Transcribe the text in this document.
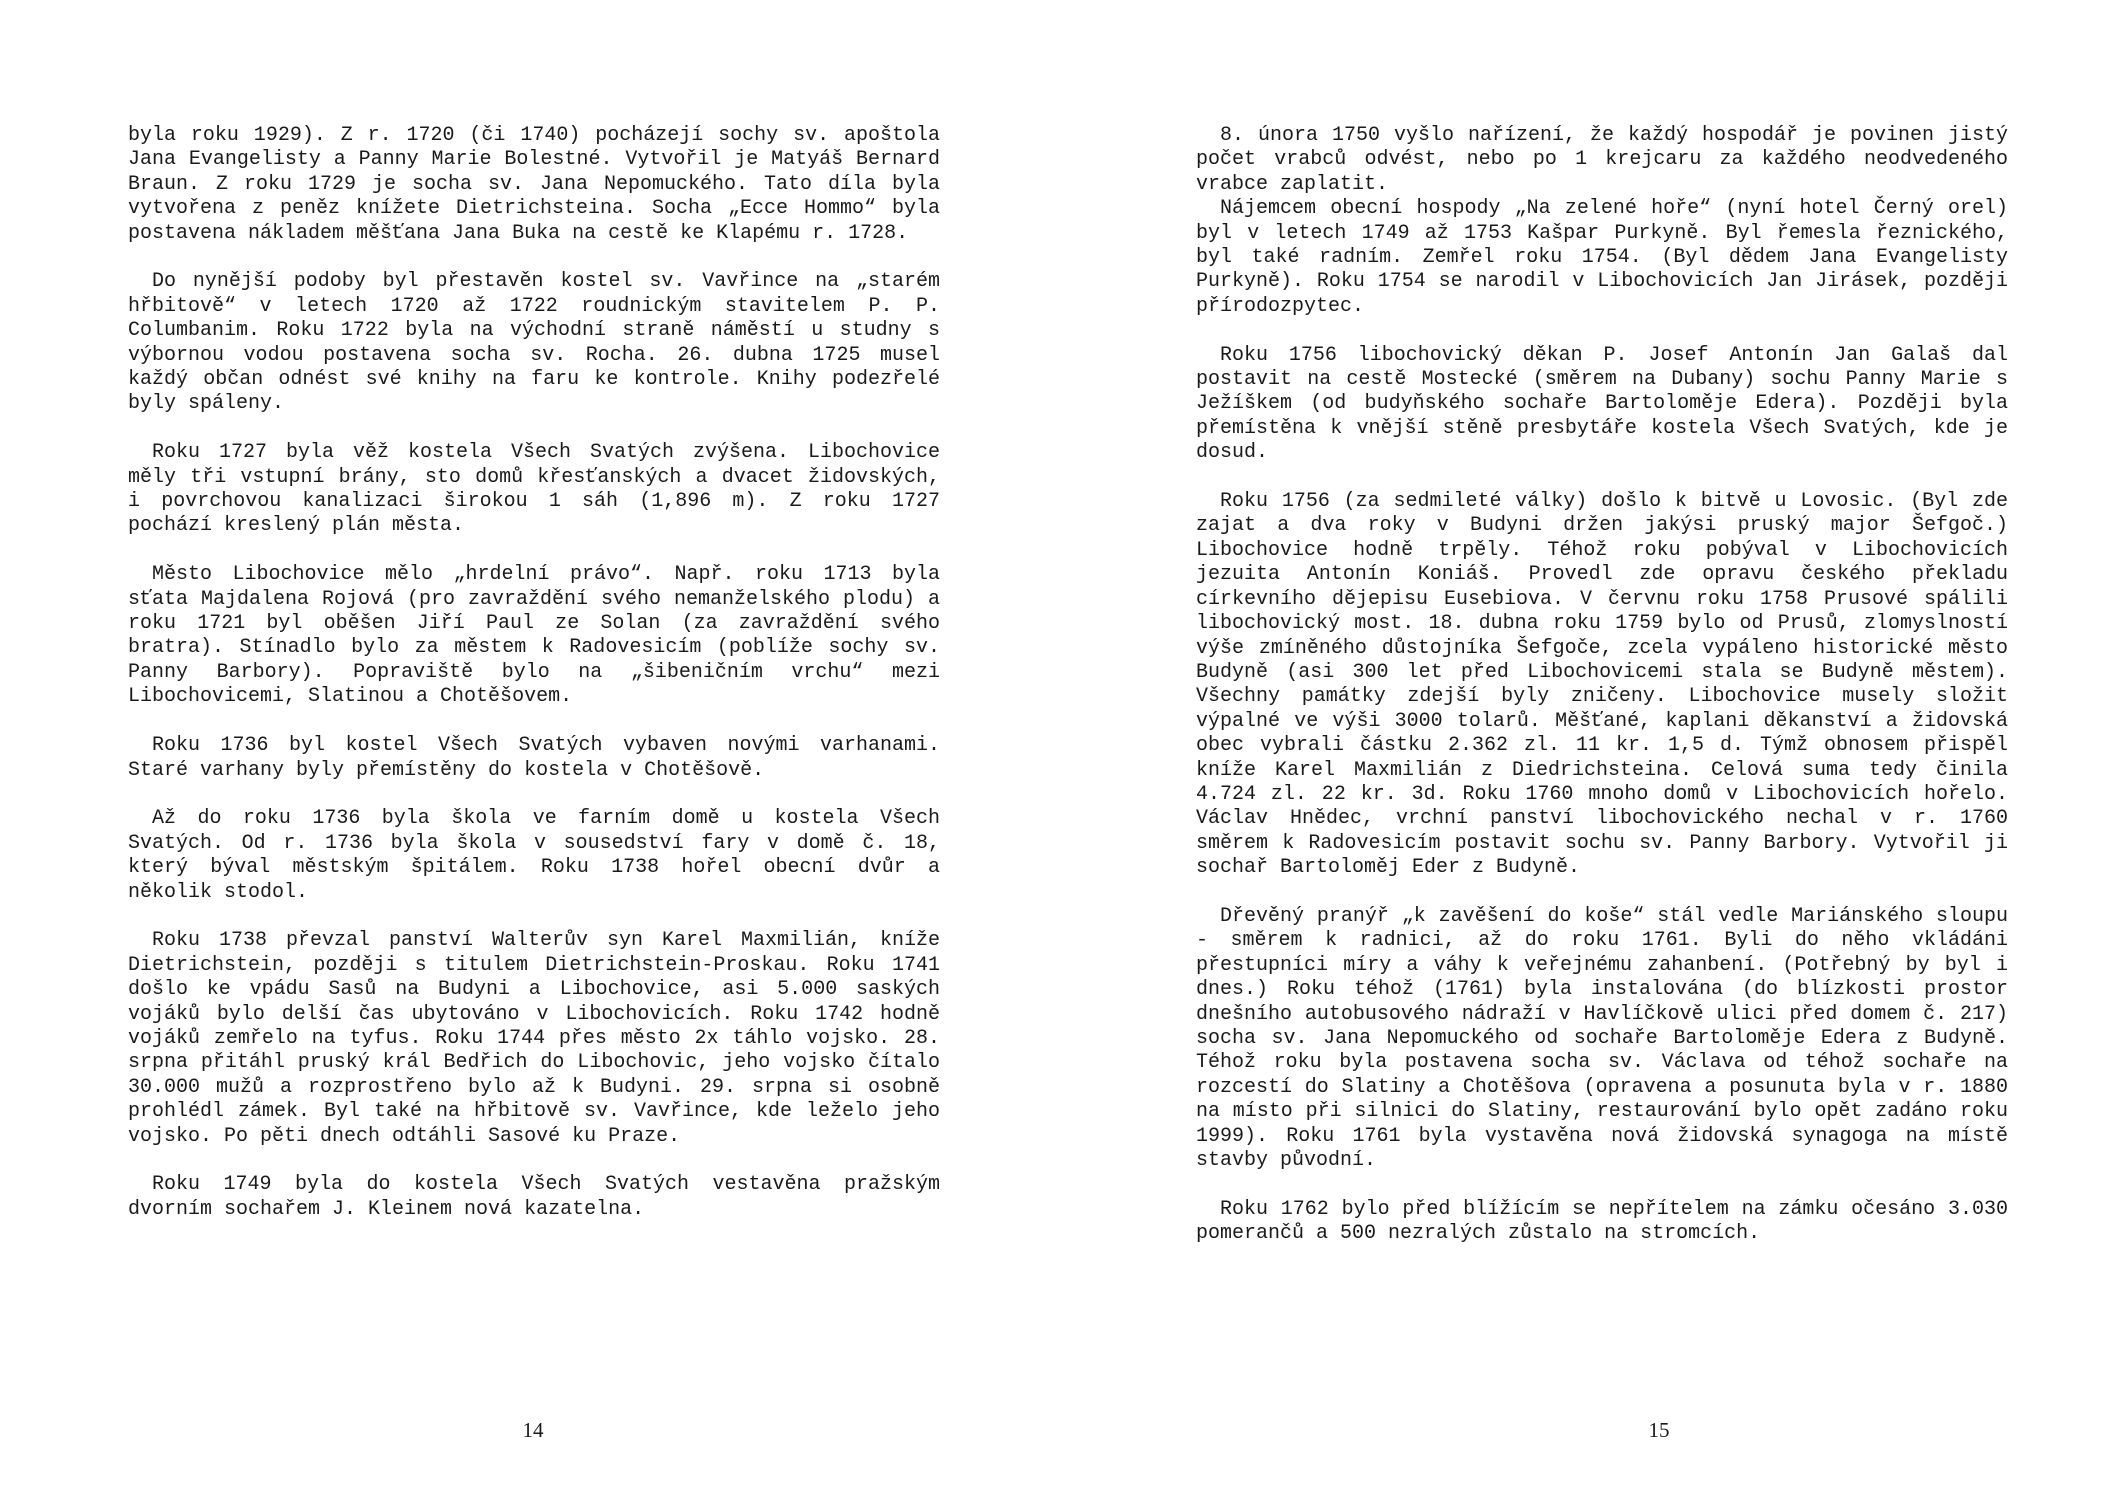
byla roku 1929). Z r. 1720 (či 1740) pocházejí sochy sv. apoštola Jana Evangelisty a Panny Marie Bolestné. Vytvořil je Matyáš Bernard Braun. Z roku 1729 je socha sv. Jana Nepomuckého. Tato díla byla vytvořena z peněz knížete Dietrichsteina. Socha „Ecce Hommo“ byla postavena nákladem měšťana Jana Buka na cestě ke Klapému r. 1728.

Do nynější podoby byl přestavěn kostel sv. Vavřince na „starém hřbitově“ v letech 1720 až 1722 roudnickým stavitelem P. P. Columbanim. Roku 1722 byla na východní straně náměstí u studny s výbornou vodou postavena socha sv. Rocha. 26. dubna 1725 musel každý občan odnést své knihy na faru ke kontrole. Knihy podezřelé byly spáleny.

Roku 1727 byla věž kostela Všech Svatých zvýšena. Libochovice měly tři vstupní brány, sto domů křesťanských a dvacet židovských, i povrchovou kanalizaci širokou 1 sáh (1,896 m). Z roku 1727 pochází kreslený plán města.

Město Libochovice mělo „hrdelní právo“. Např. roku 1713 byla sťata Majdalena Rojová (pro zavraždění svého nemanželského plodu) a roku 1721 byl oběšen Jiří Paul ze Solan (za zavraždění svého bratra). Stínadlo bylo za městem k Radovesicím (poblíže sochy sv. Panny Barbory). Popraviště bylo na „šibeničním vrchu“ mezi Libochovicemi, Slatinou a Chotěšovem.

Roku 1736 byl kostel Všech Svatých vybaven novými varhanami. Staré varhany byly přemístěny do kostela v Chotěšově.

Až do roku 1736 byla škola ve farním domě u kostela Všech Svatých. Od r. 1736 byla škola v sousedství fary v domě č. 18, který býval městským špitálem. Roku 1738 hořel obecní dvůr a několik stodol.

Roku 1738 převzal panství Walterův syn Karel Maxmilián, kníže Dietrichstein, později s titulem Dietrichstein-Proskau. Roku 1741 došlo ke vpádu Sasů na Budyni a Libochovice, asi 5.000 saských vojáků bylo delší čas ubytováno v Libochovicích. Roku 1742 hodně vojáků zemřelo na tyfus. Roku 1744 přes město 2x táhlo vojsko. 28. srpna přitáhl pruský král Bedřich do Libochovic, jeho vojsko čítalo 30.000 mužů a rozprostřeno bylo až k Budyni. 29. srpna si osobně prohlédl zámek. Byl také na hřbitově sv. Vavřince, kde leželo jeho vojsko. Po pěti dnech odtáhli Sasové ku Praze.

Roku 1749 byla do kostela Všech Svatých vestavěna pražským dvorním sochařem J. Kleinem nová kazatelna.

14

8. února 1750 vyšlo nařízení, že každý hospodář je povinen jistý počet vrabců odvést, nebo po 1 krejcaru za každého neodvedeného vrabce zaplatit.

Nájemcem obecní hospody „Na zelené hoře“ (nyní hotel Černý orel) byl v letech 1749 až 1753 Kašpar Purkyně. Byl řemesla řeznického, byl také radním. Zemřel roku 1754. (Byl dědem Jana Evangelisty Purkyně). Roku 1754 se narodil v Libochovicích Jan Jirásek, později přírodozpytec.

Roku 1756 libochovický děkan P. Josef Antonín Jan Galaš dal postavit na cestě Mostecké (směrem na Dubany) sochu Panny Marie s Ježíškem (od budyňského sochaře Bartoloměje Edera). Později byla přemístěna k vnější stěně presbytáře kostela Všech Svatých, kde je dosud.

Roku 1756 (za sedmileté války) došlo k bitvě u Lovosic. (Byl zde zajat a dva roky v Budyni držen jakýsi pruský major Šefgoč.) Libochovice hodně trpěly. Téhož roku pobýval v Libochovicích jezuita Antonín Koniáš. Provedl zde opravu českého překladu církevního dějepisu Eusebiova. V červnu roku 1758 Prusové spálili libochovický most. 18. dubna roku 1759 bylo od Prusů, zlomyslností výše zmíněného důstojníka Šefgoče, zcela vypáleno historické město Budyně (asi 300 let před Libochovicemi stala se Budyně městem). Všechny památky zdejší byly zničeny. Libochovice musely složit výpalné ve výši 3000 tolarů. Měšťané, kaplani děkanství a židovská obec vybrali částku 2.362 zl. 11 kr. 1,5 d. Týmž obnosem přispěl kníže Karel Maxmilián z Diedrichsteina. Celová suma tedy činila 4.724 zl. 22 kr. 3d. Roku 1760 mnoho domů v Libochovicích hořelo. Václav Hnědec, vrchní panství libochovického nechal v r. 1760 směrem k Radovesicím postavit sochu sv. Panny Barbory. Vytvořil ji sochař Bartoloměj Eder z Budyně.

Dřevěný pranýř „k zavěšení do koše“ stál vedle Mariánského sloupu - směrem k radnici, až do roku 1761. Byli do něho vkládáni přestupníci míry a váhy k veřejnému zahanbení. (Potřebný by byl i dnes.) Roku téhož (1761) byla instalována (do blízkosti prostor dnešního autobusového nádraží v Havlíčkově ulici před domem č. 217) socha sv. Jana Nepomuckého od sochaře Bartoloměje Edera z Budyně. Téhož roku byla postavena socha sv. Václava od téhož sochaře na rozcestí do Slatiny a Chotěšova (opravena a posunuta byla v r. 1880 na místo při silnici do Slatiny, restaurování bylo opět zadáno roku 1999). Roku 1761 byla vystavěna nová židovská synagoga na místě stavby původní.

Roku 1762 bylo před blížícím se nepřítelem na zámku očesáno 3.030 pomerančů a 500 nezralých zůstalo na stromcích.

15
